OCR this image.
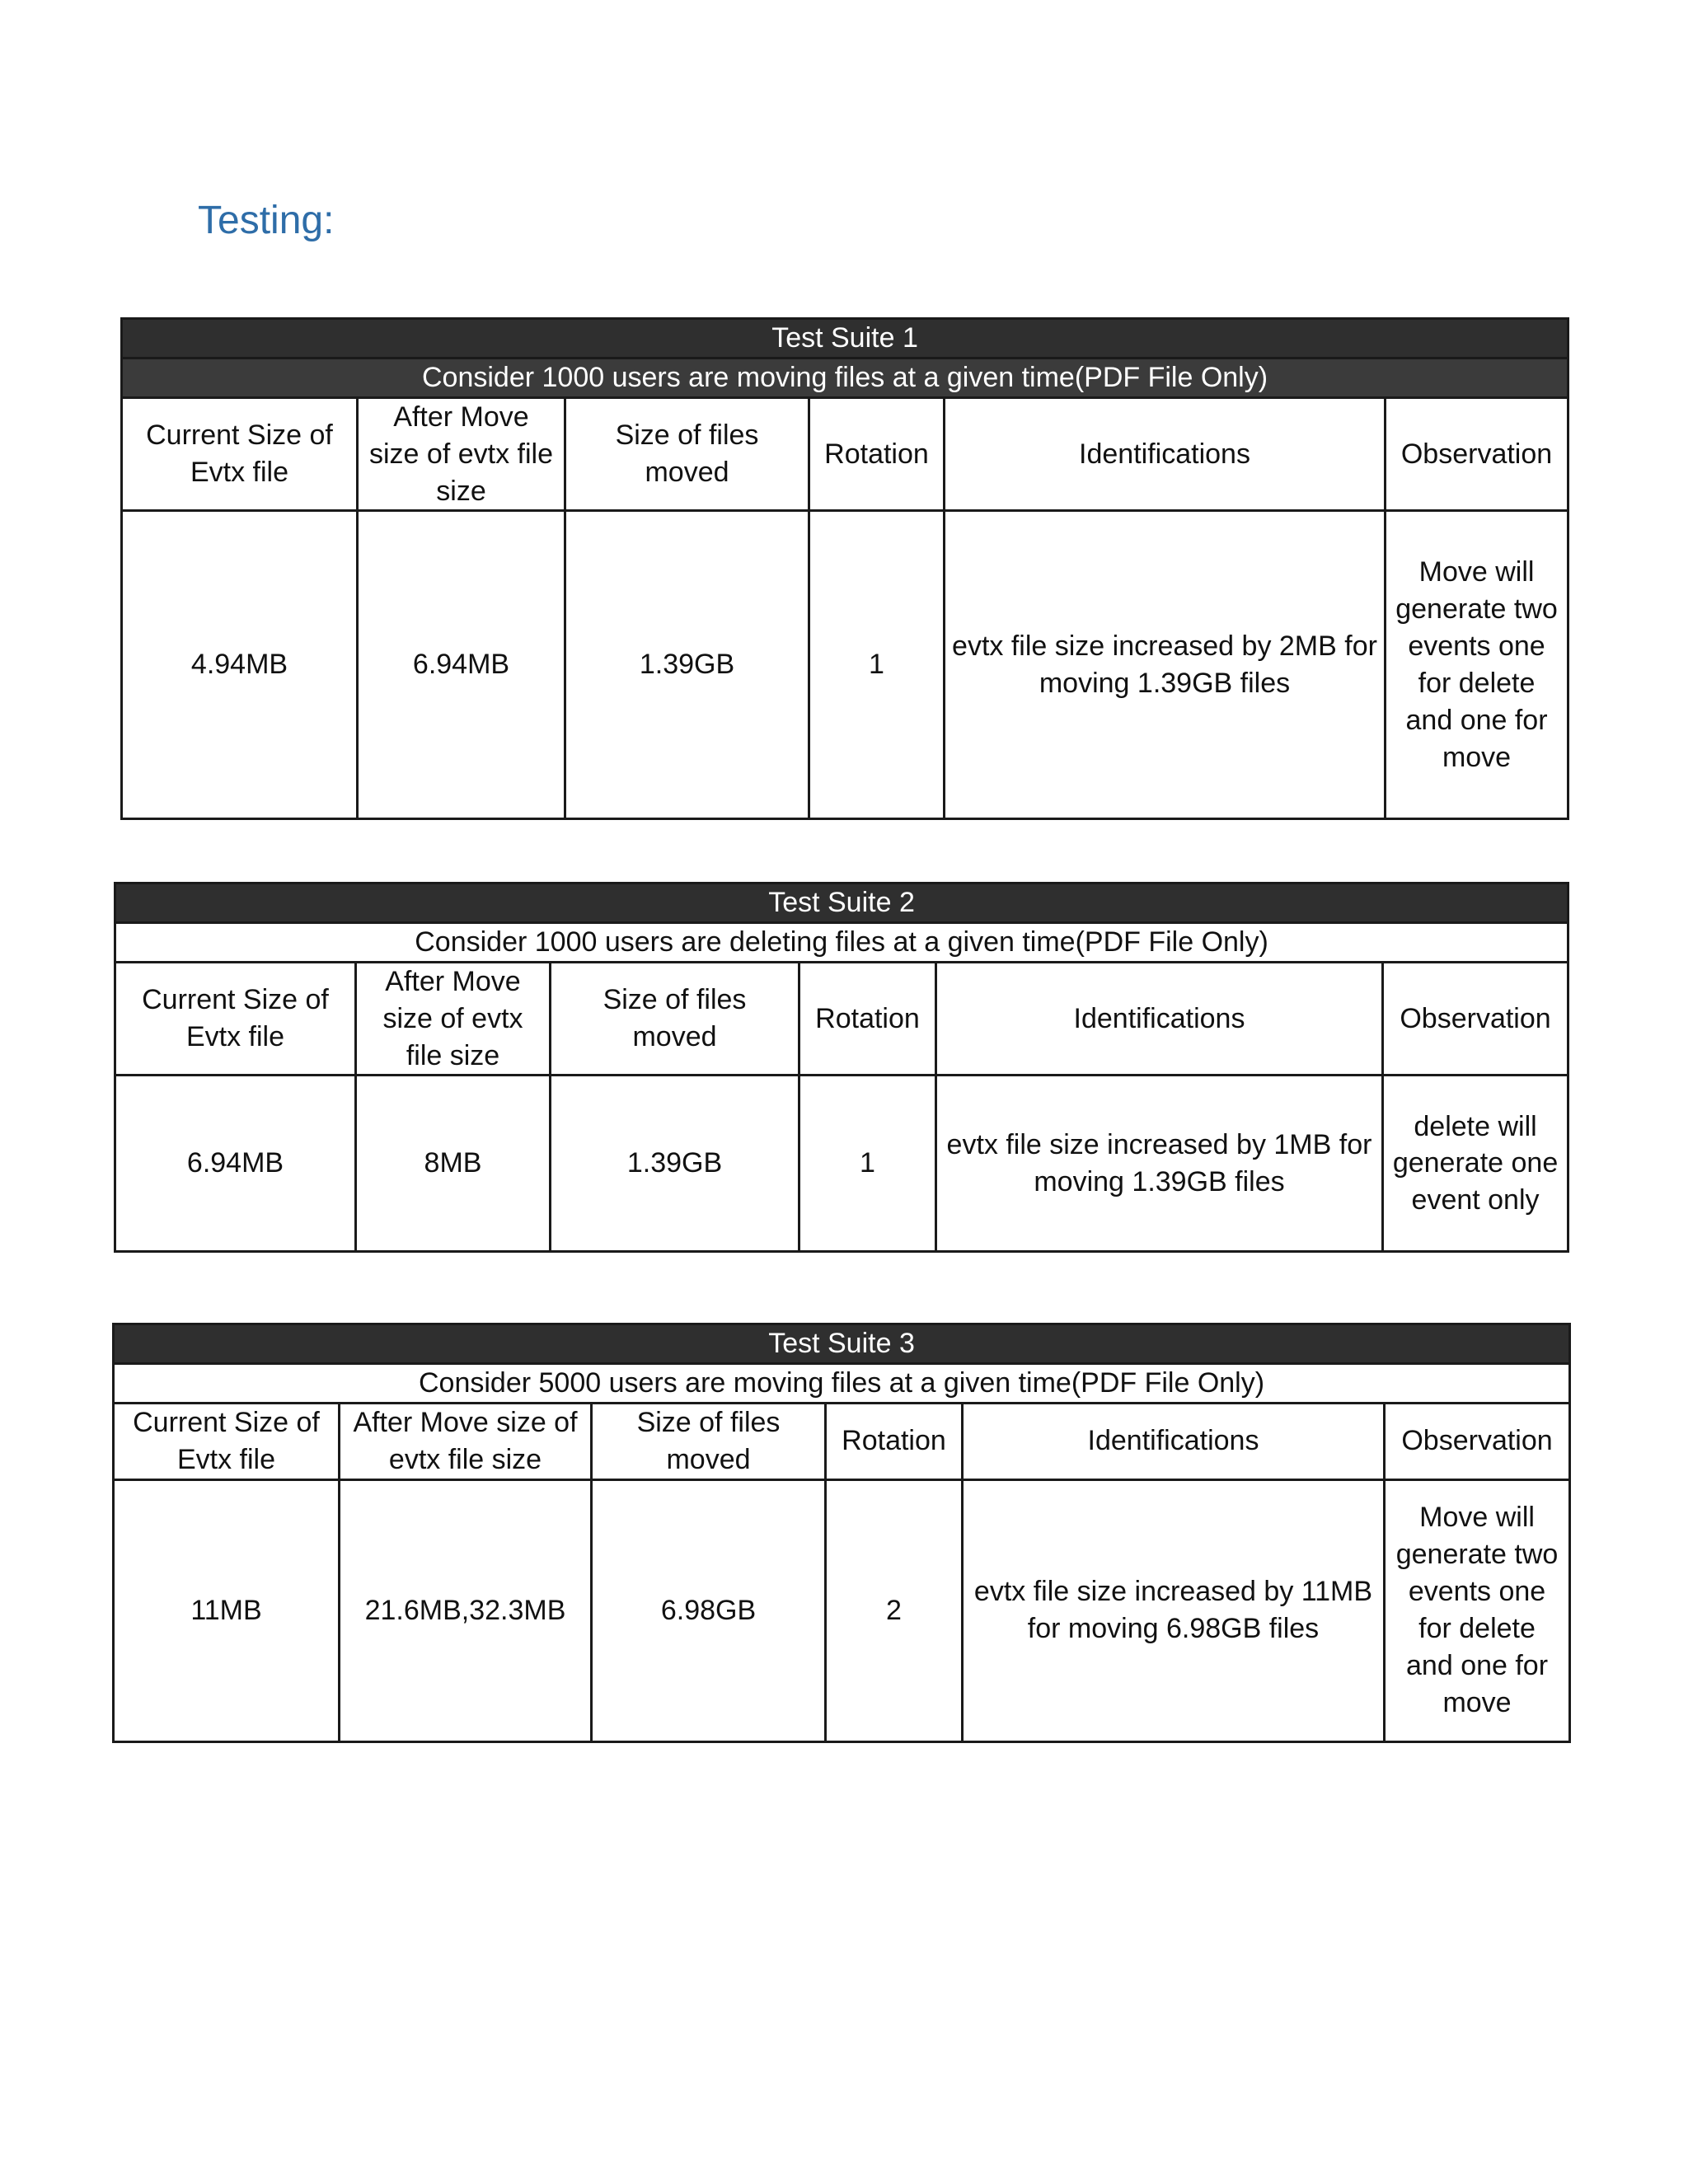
Testing:
Test Suite 1					
Consider 1000 users are moving files at a given time(PDF File Only)					
Current Size of Evtx file	After Move size of evtx file size	Size of files moved	Rotation	Identifications	Observation
4.94MB	6.94MB	1.39GB	1	evtx file size increased by 2MB for moving 1.39GB files	Move will generate two events one for delete and one for move
Test Suite 2					
Consider 1000 users are deleting files at a given time(PDF File Only)					
Current Size of Evtx file	After Move size of evtx file size	Size of files moved	Rotation	Identifications	Observation
6.94MB	8MB	1.39GB	1	evtx file size increased by 1MB for moving 1.39GB files	delete will generate one event only
Test Suite 3					
Consider 5000 users are moving files at a given time(PDF File Only)					
Current Size of Evtx file	After Move size of evtx file size	Size of files moved	Rotation	Identifications	Observation
11MB	21.6MB,32.3MB	6.98GB	2	evtx file size increased by 11MB for moving 6.98GB files	Move will generate two events one for delete and one for move
